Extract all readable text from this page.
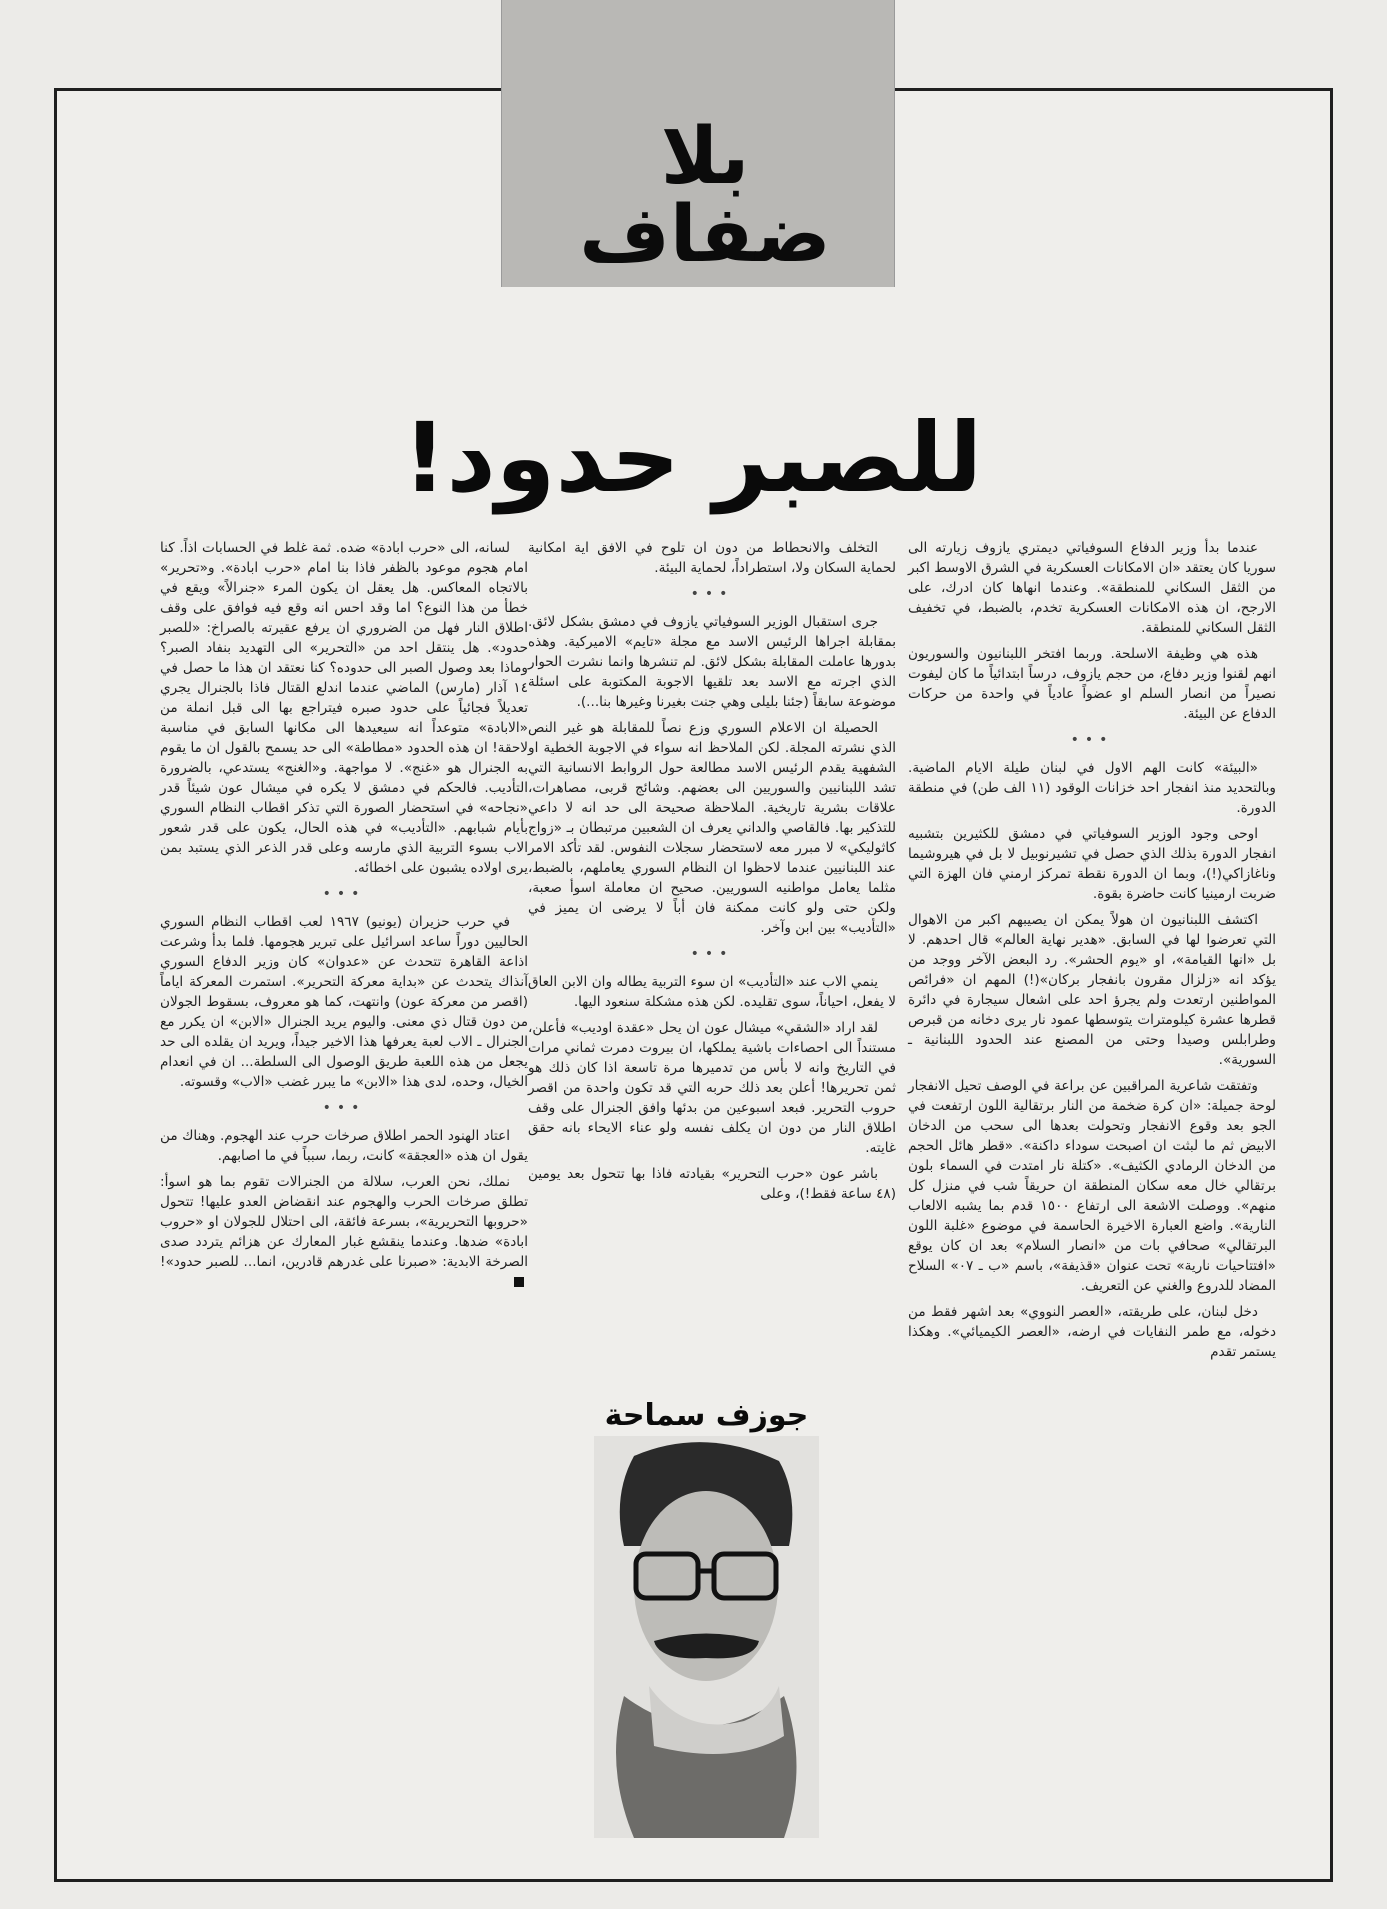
بلا ضفاف
للصبر حدود!

عندما بدأ وزير الدفاع السوفياتي ديمتري يازوف زيارته الى سوريا كان يعتقد «ان الامكانات العسكرية في الشرق الاوسط اكبر من الثقل السكاني للمنطقة». وعندما انهاها كان ادرك، على الارجح، ان هذه الامكانات العسكرية تخدم، بالضبط، في تخفيف الثقل السكاني للمنطقة.

هذه هي وظيفة الاسلحة. وربما افتخر اللبنانيون والسوريون انهم لقنوا وزير دفاع، من حجم يازوف، درساً ابتدائياً ما كان ليفوت نصيراً من انصار السلم او عضواً عادياً في واحدة من حركات الدفاع عن البيئة.

•••

«البيئة» كانت الهم الاول في لبنان طيلة الايام الماضية. وبالتحديد منذ انفجار احد خزانات الوقود (١١ الف طن) في منطقة الدورة.

اوحى وجود الوزير السوفياتي في دمشق للكثيرين بتشبيه انفجار الدورة بذلك الذي حصل في تشيرنوبيل لا بل في هيروشيما وناغازاكي(!)، وبما ان الدورة نقطة تمركز ارمني فان الهزة التي ضربت ارمينيا كانت حاضرة بقوة.

اكتشف اللبنانيون ان هولاً يمكن ان يصيبهم اكبر من الاهوال التي تعرضوا لها في السابق. «هدير نهاية العالم» قال احدهم. لا بل «انها القيامة»، او «يوم الحشر». رد البعض الآخر ووجد من يؤكد انه «زلزال مقرون بانفجار بركان»(!) المهم ان «فرائص المواطنين ارتعدت ولم يجرؤ احد على اشعال سيجارة في دائرة قطرها عشرة كيلومترات يتوسطها عمود نار يرى دخانه من قبرص وطرابلس وصيدا وحتى من المصنع عند الحدود اللبنانية ـ السورية».

وتفتقت شاعرية المراقبين عن براعة في الوصف تحيل الانفجار لوحة جميلة: «ان كرة ضخمة من النار برتقالية اللون ارتفعت في الجو بعد وقوع الانفجار وتحولت بعدها الى سحب من الدخان الابيض ثم ما لبثت ان اصبحت سوداء داكنة». «قطر هائل الحجم من الدخان الرمادي الكثيف». «كتلة نار امتدت في السماء بلون برتقالي خال معه سكان المنطقة ان حريقاً شب في منزل كل منهم». ووصلت الاشعة الى ارتفاع ١٥٠٠ قدم بما يشبه الالعاب النارية». واضع العبارة الاخيرة الحاسمة في موضوع «غلبة اللون البرتقالي» صحافي بات من «انصار السلام» بعد ان كان يوقع «افتتاحيات نارية» تحت عنوان «قذيفة»، باسم «ب ـ ٠٧» السلاح المضاد للدروع والغني عن التعريف.

دخل لبنان، على طريقته، «العصر النووي» بعد اشهر فقط من دخوله، مع طمر النفايات في ارضه، «العصر الكيميائي». وهكذا يستمر تقدم

التخلف والانحطاط من دون ان تلوح في الافق اية امكانية لحماية السكان ولا، استطراداً، لحماية البيئة.

•••

جرى استقبال الوزير السوفياتي يازوف في دمشق بشكل لائق. بمقابلة اجراها الرئيس الاسد مع مجلة «تايم» الاميركية. وهذه بدورها عاملت المقابلة بشكل لائق. لم تنشرها وانما نشرت الحوار الذي اجرته مع الاسد بعد تلقيها الاجوبة المكتوبة على اسئلة موضوعة سابقاً (جئنا بليلى وهي جنت بغيرنا وغيرها بنا...).

الحصيلة ان الاعلام السوري وزع نصاً للمقابلة هو غير النص الذي نشرته المجلة. لكن الملاحظ انه سواء في الاجوبة الخطية او الشفهية يقدم الرئيس الاسد مطالعة حول الروابط الانسانية التي تشد اللبنانيين والسوريين الى بعضهم. وشائج قربى، مصاهرات، علاقات بشرية تاريخية. الملاحظة صحيحة الى حد انه لا داعي للتذكير بها. فالقاصي والداني يعرف ان الشعبين مرتبطان بـ «زواج كاثوليكي» لا مبرر معه لاستحضار سجلات النفوس. لقد تأكد الامر عند اللبنانيين عندما لاحظوا ان النظام السوري يعاملهم، بالضبط، مثلما يعامل مواطنيه السوريين. صحيح ان معاملة اسوأ صعبة، ولكن حتى ولو كانت ممكنة فان أباً لا يرضى ان يميز في «التأديب» بين ابن وآخر.

•••

ينمي الاب عند «التأديب» ان سوء التربية يطاله وان الابن العاق لا يفعل، احياناً، سوى تقليده. لكن هذه مشكلة سنعود اليها.

لقد اراد «الشقي» ميشال عون ان يحل «عقدة اوديب» فأعلن، مستنداً الى احصاءات باشية يملكها، ان بيروت دمرت ثماني مرات في التاريخ وانه لا بأس من تدميرها مرة تاسعة اذا كان ذلك هو ثمن تحريرها! أعلن بعد ذلك حربه التي قد تكون واحدة من اقصر حروب التحرير. فبعد اسبوعين من بدئها وافق الجنرال على وقف اطلاق النار من دون ان يكلف نفسه ولو عناء الايحاء بانه حقق غايته.

باشر عون «حرب التحرير» بقيادته فاذا بها تتحول بعد يومين (٤٨ ساعة فقط!)، وعلى

لسانه، الى «حرب ابادة» ضده. ثمة غلط في الحسابات اذاً. كنا امام هجوم موعود بالظفر فاذا بنا امام «حرب ابادة». و«تحرير» بالاتجاه المعاكس. هل يعقل ان يكون المرء «جنرالاً» ويقع في خطأ من هذا النوع؟ اما وقد احس انه وقع فيه فوافق على وقف اطلاق النار فهل من الضروري ان يرفع عقيرته بالصراخ: «للصبر حدود». هل ينتقل احد من «التحرير» الى التهديد بنفاد الصبر؟ وماذا بعد وصول الصبر الى حدوده؟ كنا نعتقد ان هذا ما حصل في ١٤ آذار (مارس) الماضي عندما اندلع القتال فاذا بالجنرال يجري تعديلاً فجائياً على حدود صبره فيتراجع بها الى قبل انملة من «الابادة» متوعداً انه سيعيدها الى مكانها السابق في مناسبة لاحقة! ان هذه الحدود «مطاطة» الى حد يسمح بالقول ان ما يقوم به الجنرال هو «غنج». لا مواجهة. و«الغنج» يستدعي، بالضرورة التأديب. فالحكم في دمشق لا يكره في ميشال عون شيئاً قدر «نجاحه» في استحضار الصورة التي تذكر اقطاب النظام السوري بأيام شبابهم. «التأديب» في هذه الحال، يكون على قدر شعور الاب بسوء التربية الذي مارسه وعلى قدر الذعر الذي يستبد بمن يرى اولاده يشبون على اخطائه.

•••

في حرب حزيران (يونيو) ١٩٦٧ لعب اقطاب النظام السوري الحاليين دوراً ساعد اسرائيل على تبرير هجومها. فلما بدأ وشرعت اذاعة القاهرة تتحدث عن «عدوان» كان وزير الدفاع السوري آنذاك يتحدث عن «بداية معركة التحرير». استمرت المعركة اياماً (اقصر من معركة عون) وانتهت، كما هو معروف، بسقوط الجولان من دون قتال ذي معنى. واليوم يريد الجنرال «الابن» ان يكرر مع الجنرال ـ الاب لعبة يعرفها هذا الاخير جيداً، ويريد ان يقلده الى حد يجعل من هذه اللعبة طريق الوصول الى السلطة... ان في انعدام الخيال، وحده، لدى هذا «الابن» ما يبرر غضب «الاب» وقسوته.

•••

اعتاد الهنود الحمر اطلاق صرخات حرب عند الهجوم. وهناك من يقول ان هذه «العجقة» كانت، ربما، سبباً في ما اصابهم.

نملك، نحن العرب، سلالة من الجنرالات تقوم بما هو اسوأ: تطلق صرخات الحرب والهجوم عند انقضاض العدو عليها! تتحول «حروبها التحريرية»، بسرعة فائقة، الى احتلال للجولان او «حروب ابادة» ضدها. وعندما ينقشع غبار المعارك عن هزائم يتردد صدى الصرخة الابدية: «صبرنا على غدرهم قادرين، انما... للصبر حدود»!

جوزف سماحة
